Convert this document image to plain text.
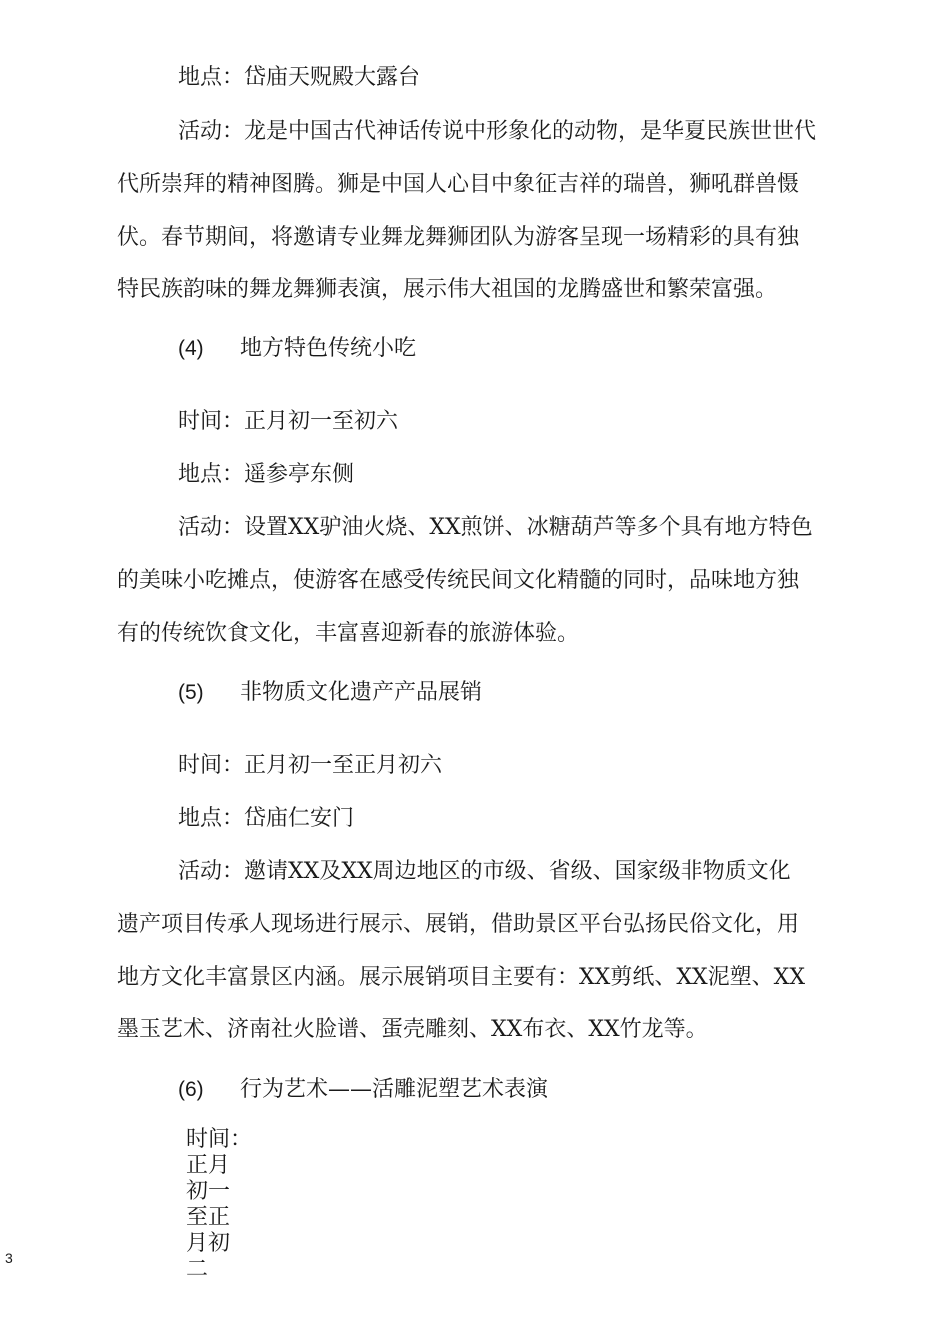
地点：岱庙天贶殿大露台
活动：龙是中国古代神话传说中形象化的动物，是华夏民族世世代
代所崇拜的精神图腾。狮是中国人心目中象征吉祥的瑞兽，狮吼群兽慑
伏。春节期间，将邀请专业舞龙舞狮团队为游客呈现一场精彩的具有独
特民族韵味的舞龙舞狮表演，展示伟大祖国的龙腾盛世和繁荣富强。
(4) 地方特色传统小吃
时间：正月初一至初六
地点：遥参亭东侧
活动：设置XX驴油火烧、XX煎饼、冰糖葫芦等多个具有地方特色
的美味小吃摊点，使游客在感受传统民间文化精髓的同时，品味地方独
有的传统饮食文化，丰富喜迎新春的旅游体验。
(5) 非物质文化遗产产品展销
时间：正月初一至正月初六
地点：岱庙仁安门
活动：邀请XX及XX周边地区的市级、省级、国家级非物质文化
遗产项目传承人现场进行展示、展销，借助景区平台弘扬民俗文化，用
地方文化丰富景区内涵。展示展销项目主要有：XX剪纸、XX泥塑、XX
墨玉艺术、济南社火脸谱、蛋壳雕刻、XX布衣、XX竹龙等。
(6) 行为艺术——活雕泥塑艺术表演
时间：
正月
初一
至正
月初
二
3
